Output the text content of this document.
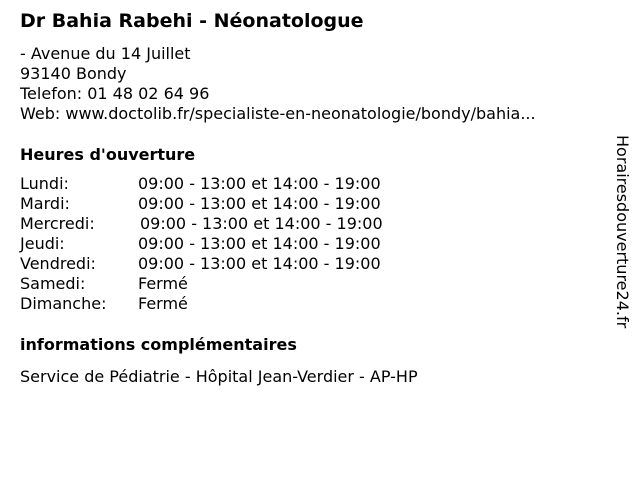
Dr Bahia Rabehi - Néonatologue
- Avenue du 14 Juillet
93140 Bondy
Telefon: 01 48 02 64 96
Web: www.doctolib.fr/specialiste-en-neonatologie/bondy/bahia...
Heures d'ouverture
Lundi:	09:00 - 13:00 et 14:00 - 19:00
Mardi:	09:00 - 13:00 et 14:00 - 19:00
Mercredi:	09:00 - 13:00 et 14:00 - 19:00
Jeudi:	09:00 - 13:00 et 14:00 - 19:00
Vendredi:	09:00 - 13:00 et 14:00 - 19:00
Samedi:	Fermé
Dimanche: Fermé
informations complémentaires
Service de Pédiatrie - Hôpital Jean-Verdier - AP-HP
Horairesdouverture24.fr
